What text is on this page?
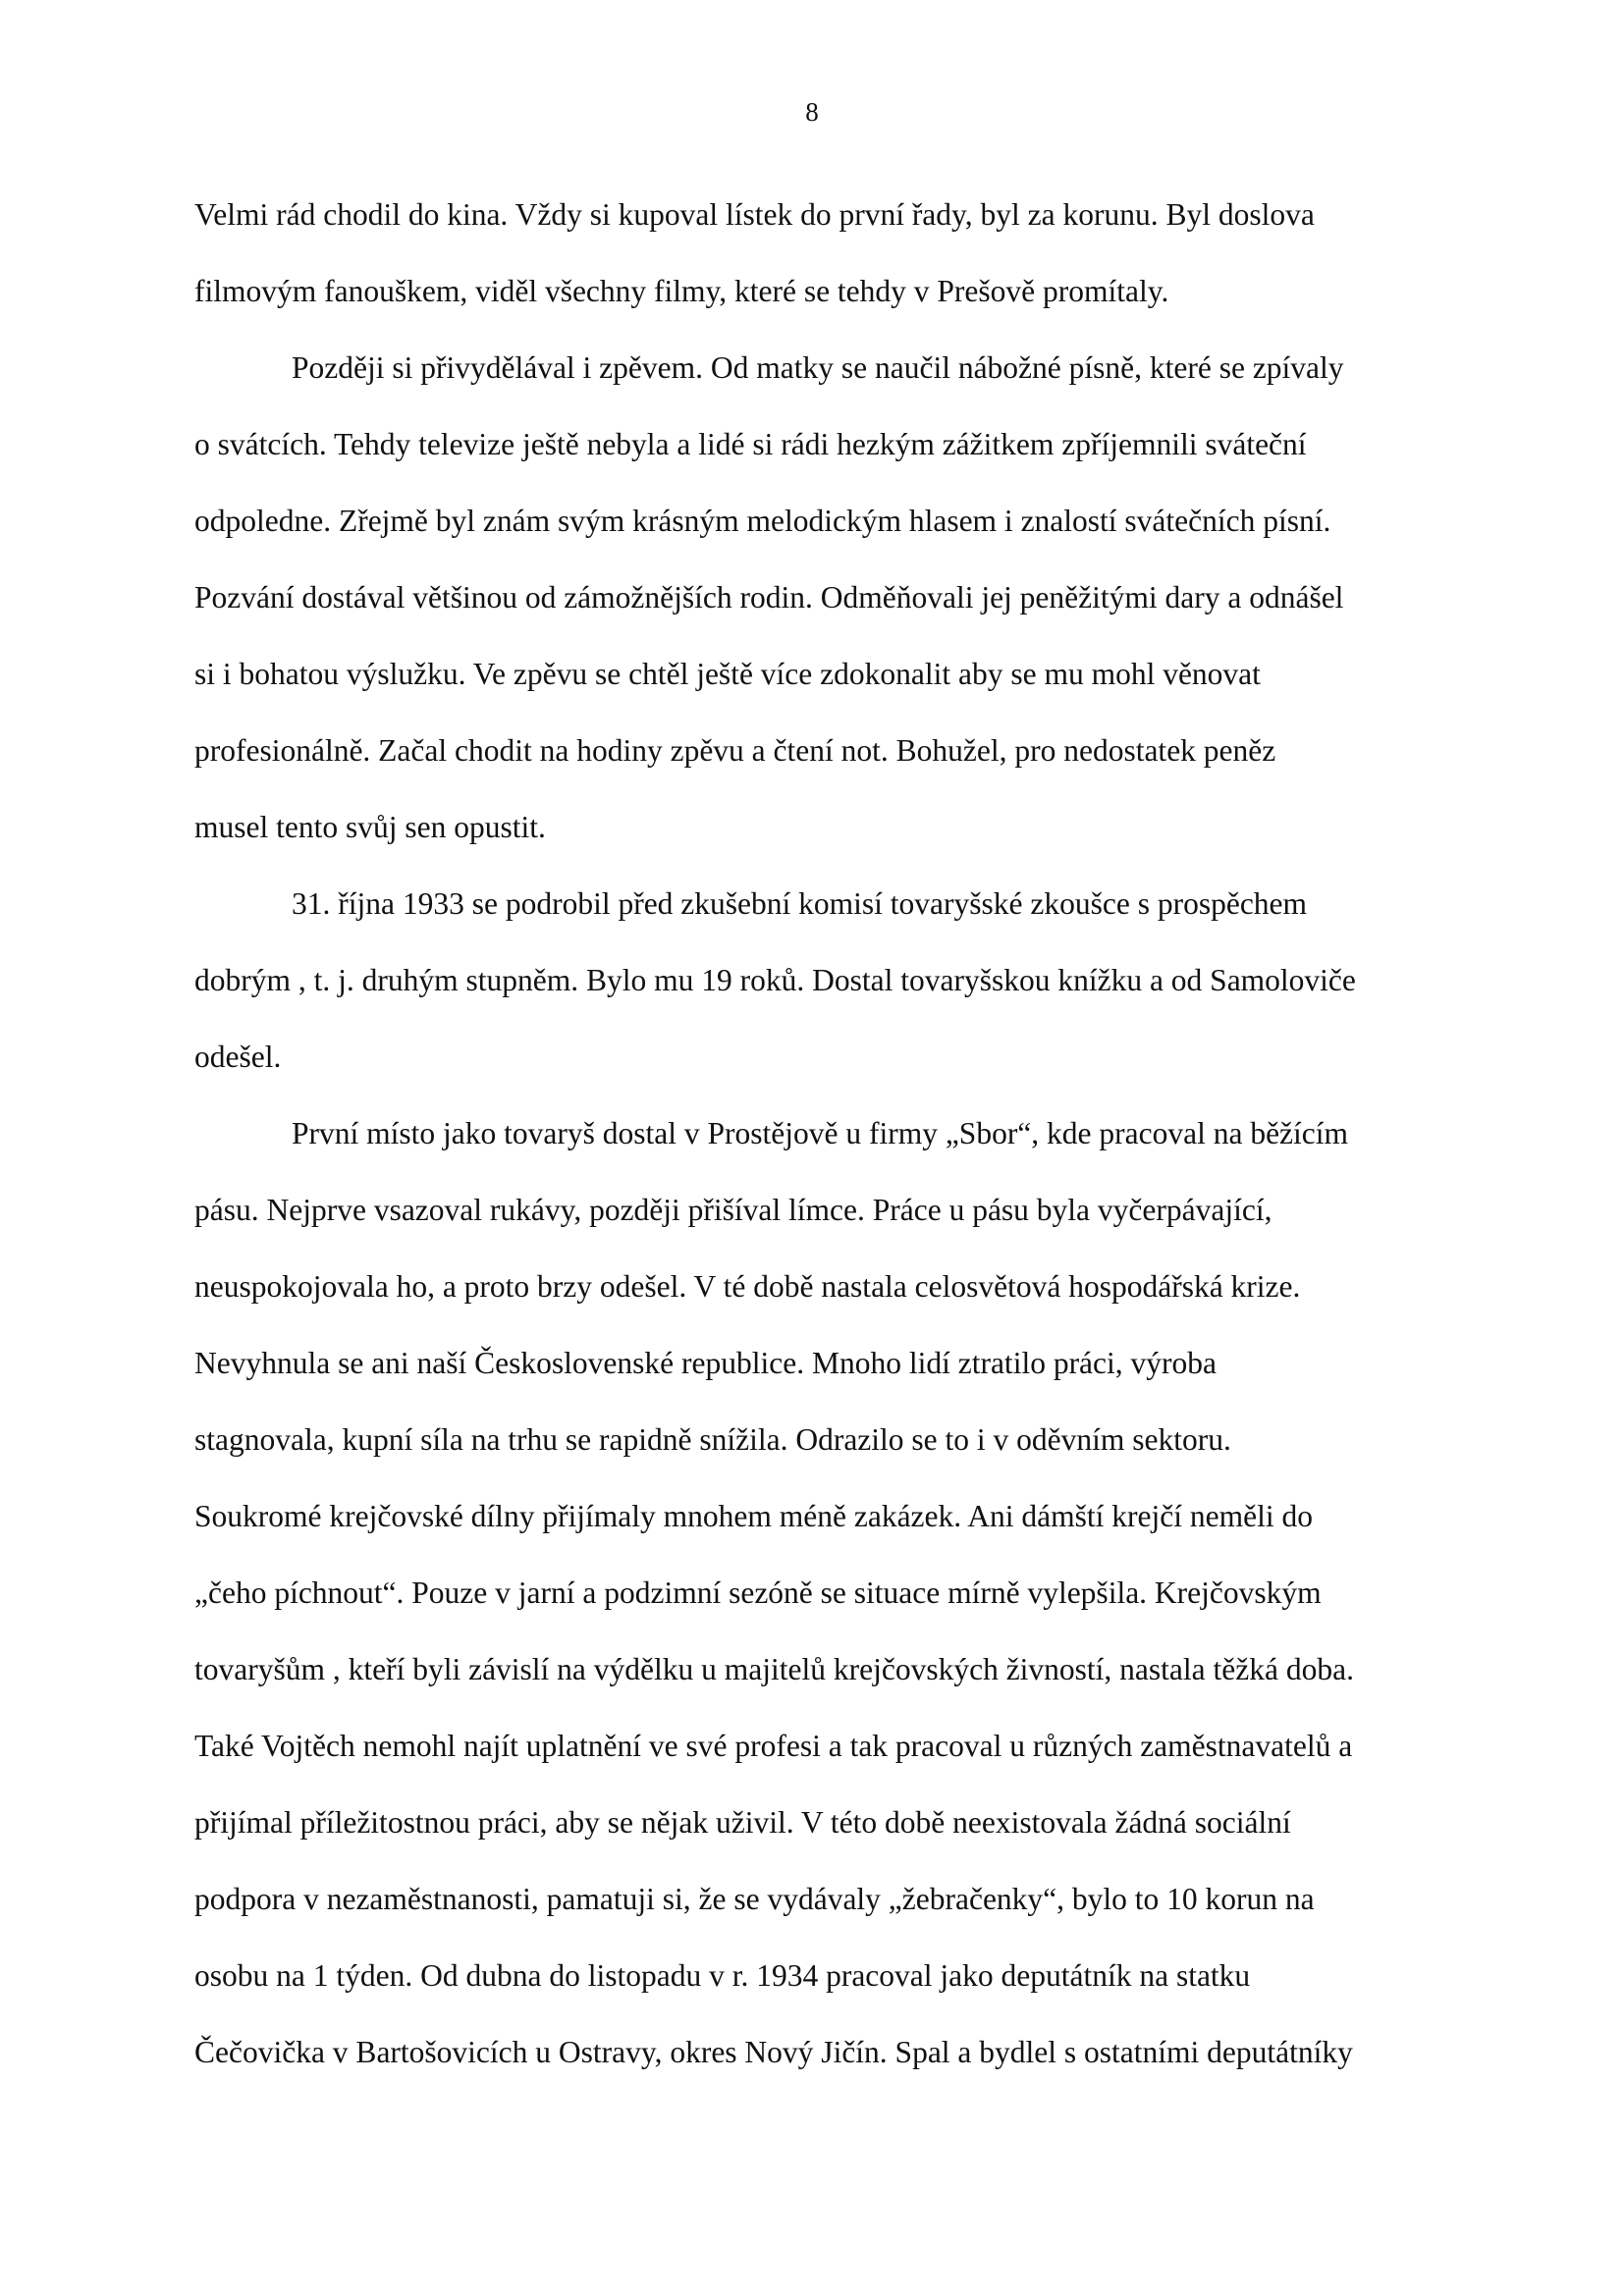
8
Velmi rád chodil do kina. Vždy si kupoval lístek do první řady, byl za korunu. Byl doslova
filmovým fanouškem, viděl všechny filmy, které se tehdy v Prešově promítaly.
Později si přivydělával i zpěvem. Od matky se naučil nábožné písně, které se zpívaly
o svátcích. Tehdy televize ještě nebyla a lidé si rádi hezkým zážitkem zpříjemnili sváteční
odpoledne. Zřejmě byl znám svým krásným melodickým hlasem i znalostí svátečních písní.
Pozvání dostával většinou od zámožnějších rodin. Odměňovali jej peněžitými dary a odnášel
si i bohatou výslužku. Ve zpěvu se chtěl ještě více zdokonalit aby se mu mohl věnovat
profesionálně. Začal chodit na hodiny zpěvu a čtení not. Bohužel, pro nedostatek peněz
musel tento svůj sen opustit.
31. října 1933 se podrobil před zkušební komisí tovaryšské zkoušce s prospěchem
dobrým , t. j. druhým stupněm. Bylo mu 19 roků. Dostal tovaryšskou knížku a od Samoloviče
odešel.
První místo jako tovaryš dostal v Prostějově u firmy „Sbor“, kde pracoval na běžícím
pásu. Nejprve vsazoval rukávy, později přišíval límce. Práce u pásu byla vyčerpávající,
neuspokojovala ho, a proto brzy odešel. V té době nastala celosvětová hospodářská krize.
Nevyhnula se ani naší Československé republice. Mnoho lidí ztratilo práci, výroba
stagnovala, kupní síla na trhu se rapidně snížila. Odrazilo se to i v oděvním sektoru.
Soukromé krejčovské dílny přijímaly mnohem méně zakázek. Ani dámští krejčí neměli do
„čeho píchnout“. Pouze v jarní a podzimní sezóně se situace mírně vylepšila. Krejčovským
tovaryšům , kteří byli závislí na výdělku u majitelů krejčovských živností, nastala těžká doba.
Také Vojtěch nemohl najít uplatnění ve své profesi a tak pracoval u různých zaměstnavatelů a
přijímal příležitostnou práci, aby se nějak uživil. V této době neexistovala žádná sociální
podpora v nezaměstnanosti, pamatuji si, že se vydávaly „žebračenky“, bylo to 10 korun na
osobu na 1 týden. Od dubna do listopadu v r. 1934 pracoval jako deputátník na statku
Čečovička v Bartošovicích u Ostravy, okres Nový Jičín. Spal a bydlel s ostatními deputátníky
